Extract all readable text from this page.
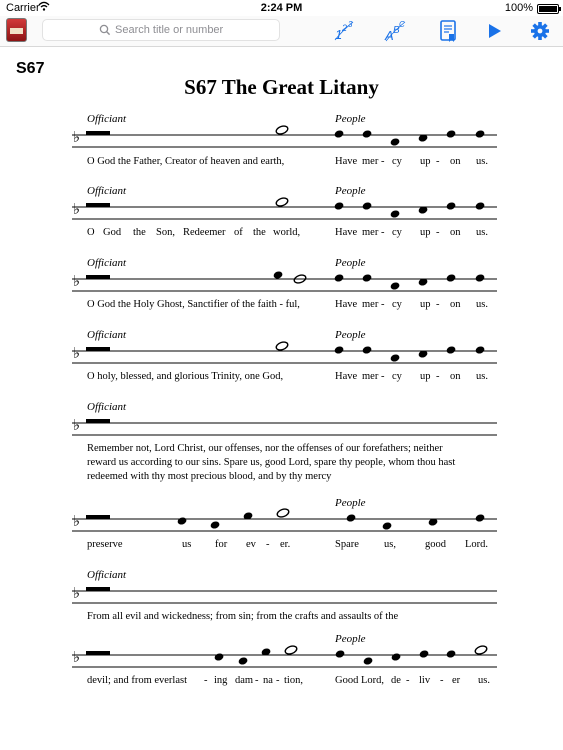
Carrier	2:24 PM	100%
Search title or number
1 2 3
A B
C
S67
S67 The Great Litany
Remember not, Lord Christ, our offenses, nor the offenses of our forefathers; neither
reward us according to our sins. Spare us, good Lord, spare thy people, whom thou hast
redeemed with thy most precious blood, and by thy mercy
From all evil and wickedness; from sin; from the crafts and assaults of the
♭
Officiant	People
O God the Father, Creator of heaven and earth,	Have mer - cy up - on us.
♭
Officiant	People
O God the Son, Redeemer of the world,	Have mer - cy up - on us.
♭
Officiant	People
O God the Holy Ghost, Sanctifier of the faith - ful,	Have mer - cy up - on us.
♭
Officiant	People
O holy, blessed, and glorious Trinity, one God,	Have mer - cy up - on us.
♭
Officiant
♭
People
preserve	us for ev - er.	Spare us,	good Lord.
♭
Officiant
♭
People
devil; and from everlast - ing dam - na - tion,	Good Lord, de - liv - er us.
